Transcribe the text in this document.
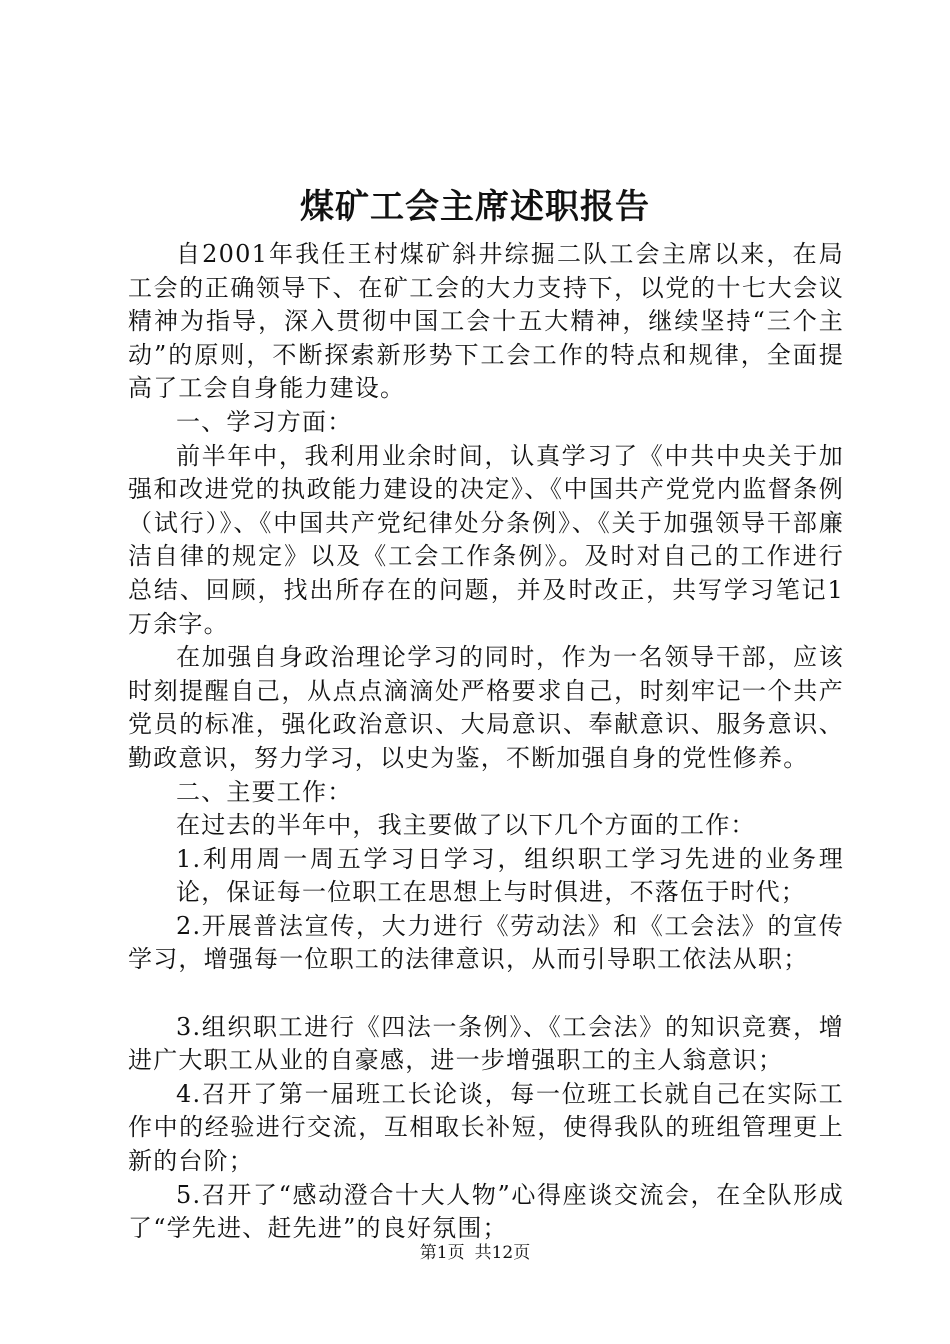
煤矿工会主席述职报告

自2001年我任王村煤矿斜井综掘二队工会主席以来，在局工会的正确领导下、在矿工会的大力支持下，以党的十七大会议精神为指导，深入贯彻中国工会十五大精神，继续坚持“三个主动”的原则，不断探索新形势下工会工作的特点和规律，全面提高了工会自身能力建设。

一、学习方面：

前半年中，我利用业余时间，认真学习了《中共中央关于加强和改进党的执政能力建设的决定》、《中国共产党党内监督条例（试行）》、《中国共产党纪律处分条例》、《关于加强领导干部廉洁自律的规定》以及《工会工作条例》。及时对自己的工作进行总结、回顾，找出所存在的问题，并及时改正，共写学习笔记1万余字。

在加强自身政治理论学习的同时，作为一名领导干部，应该时刻提醒自己，从点点滴滴处严格要求自己，时刻牢记一个共产党员的标准，强化政治意识、大局意识、奉献意识、服务意识、勤政意识，努力学习，以史为鉴，不断加强自身的党性修养。

二、主要工作：

在过去的半年中，我主要做了以下几个方面的工作：

1.利用周一周五学习日学习，组织职工学习先进的业务理论，保证每一位职工在思想上与时俱进，不落伍于时代；

2.开展普法宣传，大力进行《劳动法》和《工会法》的宣传学习，增强每一位职工的法律意识，从而引导职工依法从职；

3.组织职工进行《四法一条例》、《工会法》的知识竞赛，增进广大职工从业的自豪感，进一步增强职工的主人翁意识；

4.召开了第一届班工长论谈，每一位班工长就自己在实际工作中的经验进行交流，互相取长补短，使得我队的班组管理更上新的台阶；

5.召开了“感动澄合十大人物”心得座谈交流会，在全队形成了“学先进、赶先进”的良好氛围；

第1页 共12页
